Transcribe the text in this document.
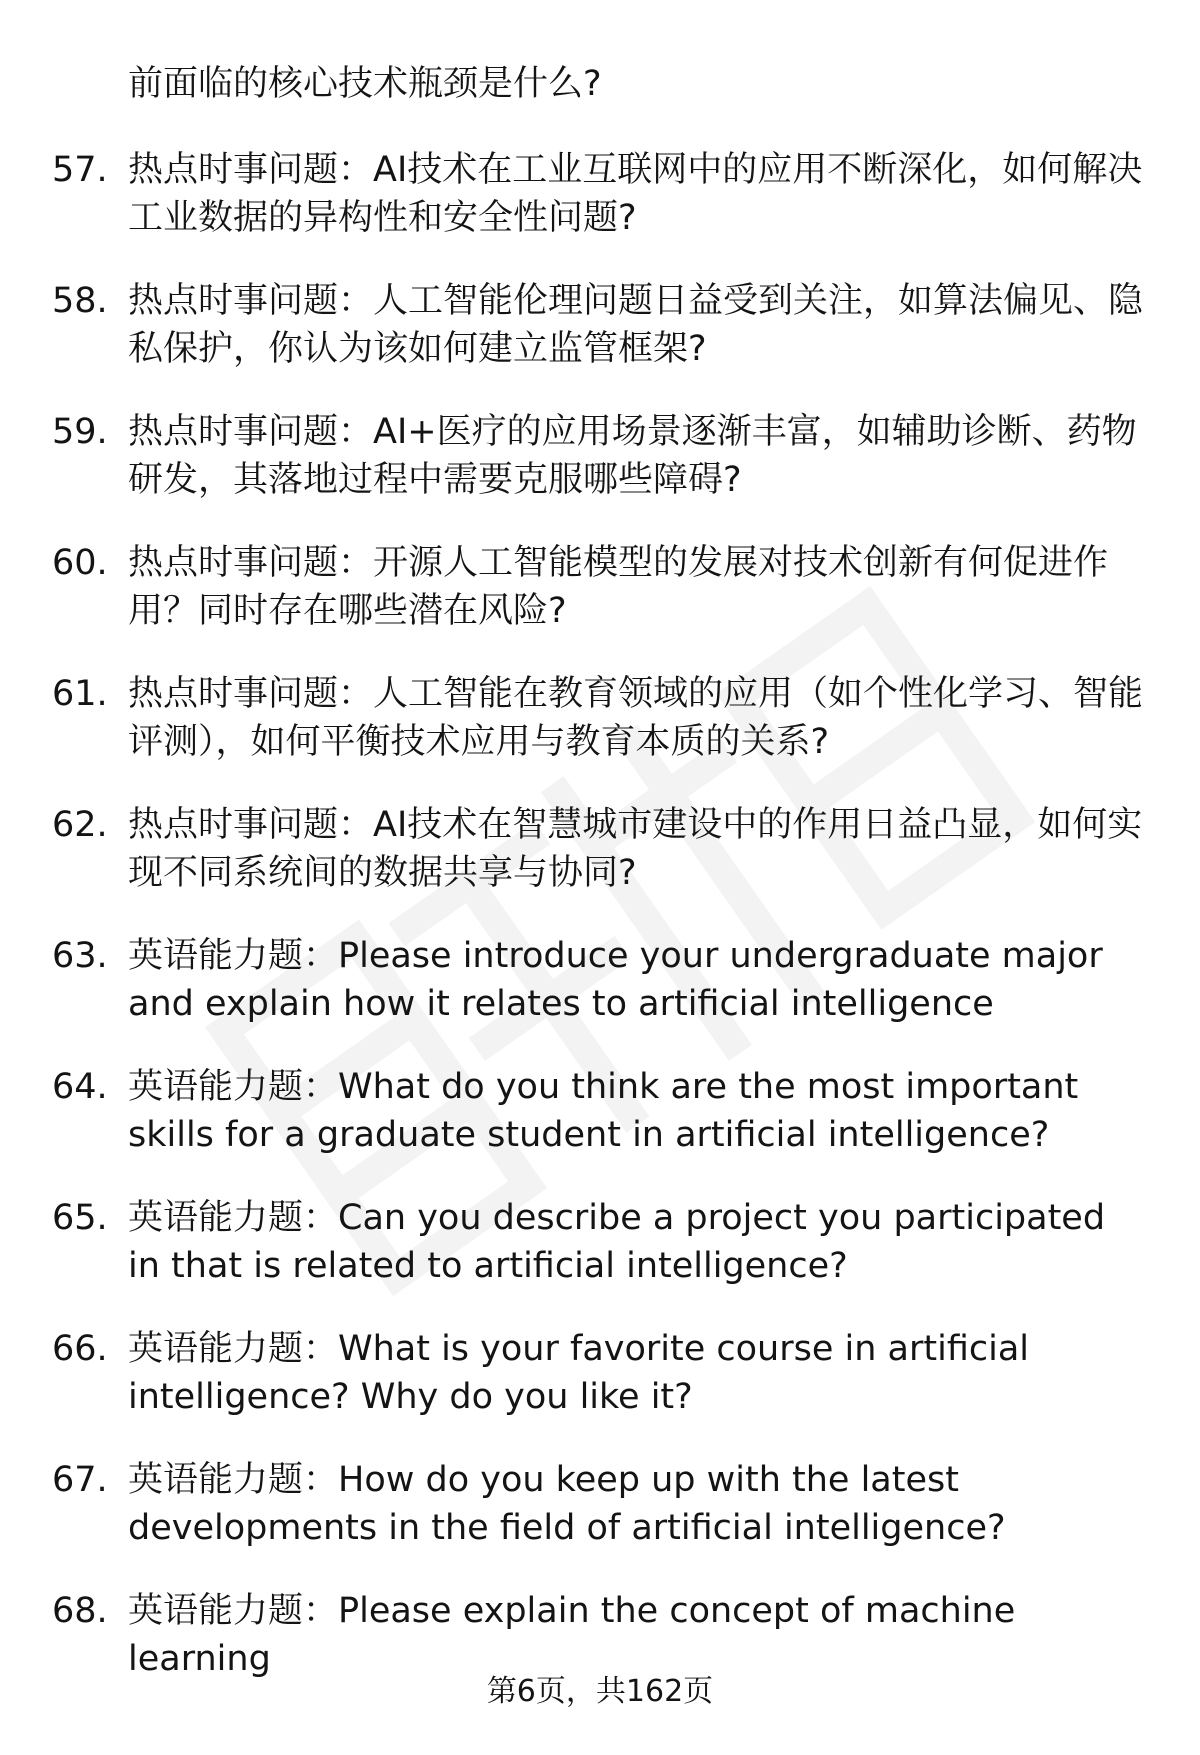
前面临的核心技术瓶颈是什么?

57. 热点时事问题：AI技术在工业互联网中的应用不断深化，如何解决工业数据的异构性和安全性问题?
58. 热点时事问题：人工智能伦理问题日益受到关注，如算法偏见、隐私保护，你认为该如何建立监管框架?
59. 热点时事问题：AI+医疗的应用场景逐渐丰富，如辅助诊断、药物研发，其落地过程中需要克服哪些障碍?
60. 热点时事问题：开源人工智能模型的发展对技术创新有何促进作用？同时存在哪些潜在风险?
61. 热点时事问题：人工智能在教育领域的应用（如个性化学习、智能评测），如何平衡技术应用与教育本质的关系?
62. 热点时事问题：AI技术在智慧城市建设中的作用日益凸显，如何实现不同系统间的数据共享与协同?
63. 英语能力题：Please introduce your undergraduate major and explain how it relates to artificial intelligence
64. 英语能力题：What do you think are the most important skills for a graduate student in artificial intelligence?
65. 英语能力题：Can you describe a project you participated in that is related to artificial intelligence?
66. 英语能力题：What is your favorite course in artificial intelligence? Why do you like it?
67. 英语能力题：How do you keep up with the latest developments in the field of artificial intelligence?
68. 英语能力题：Please explain the concept of machine learning
第6页，共162页
